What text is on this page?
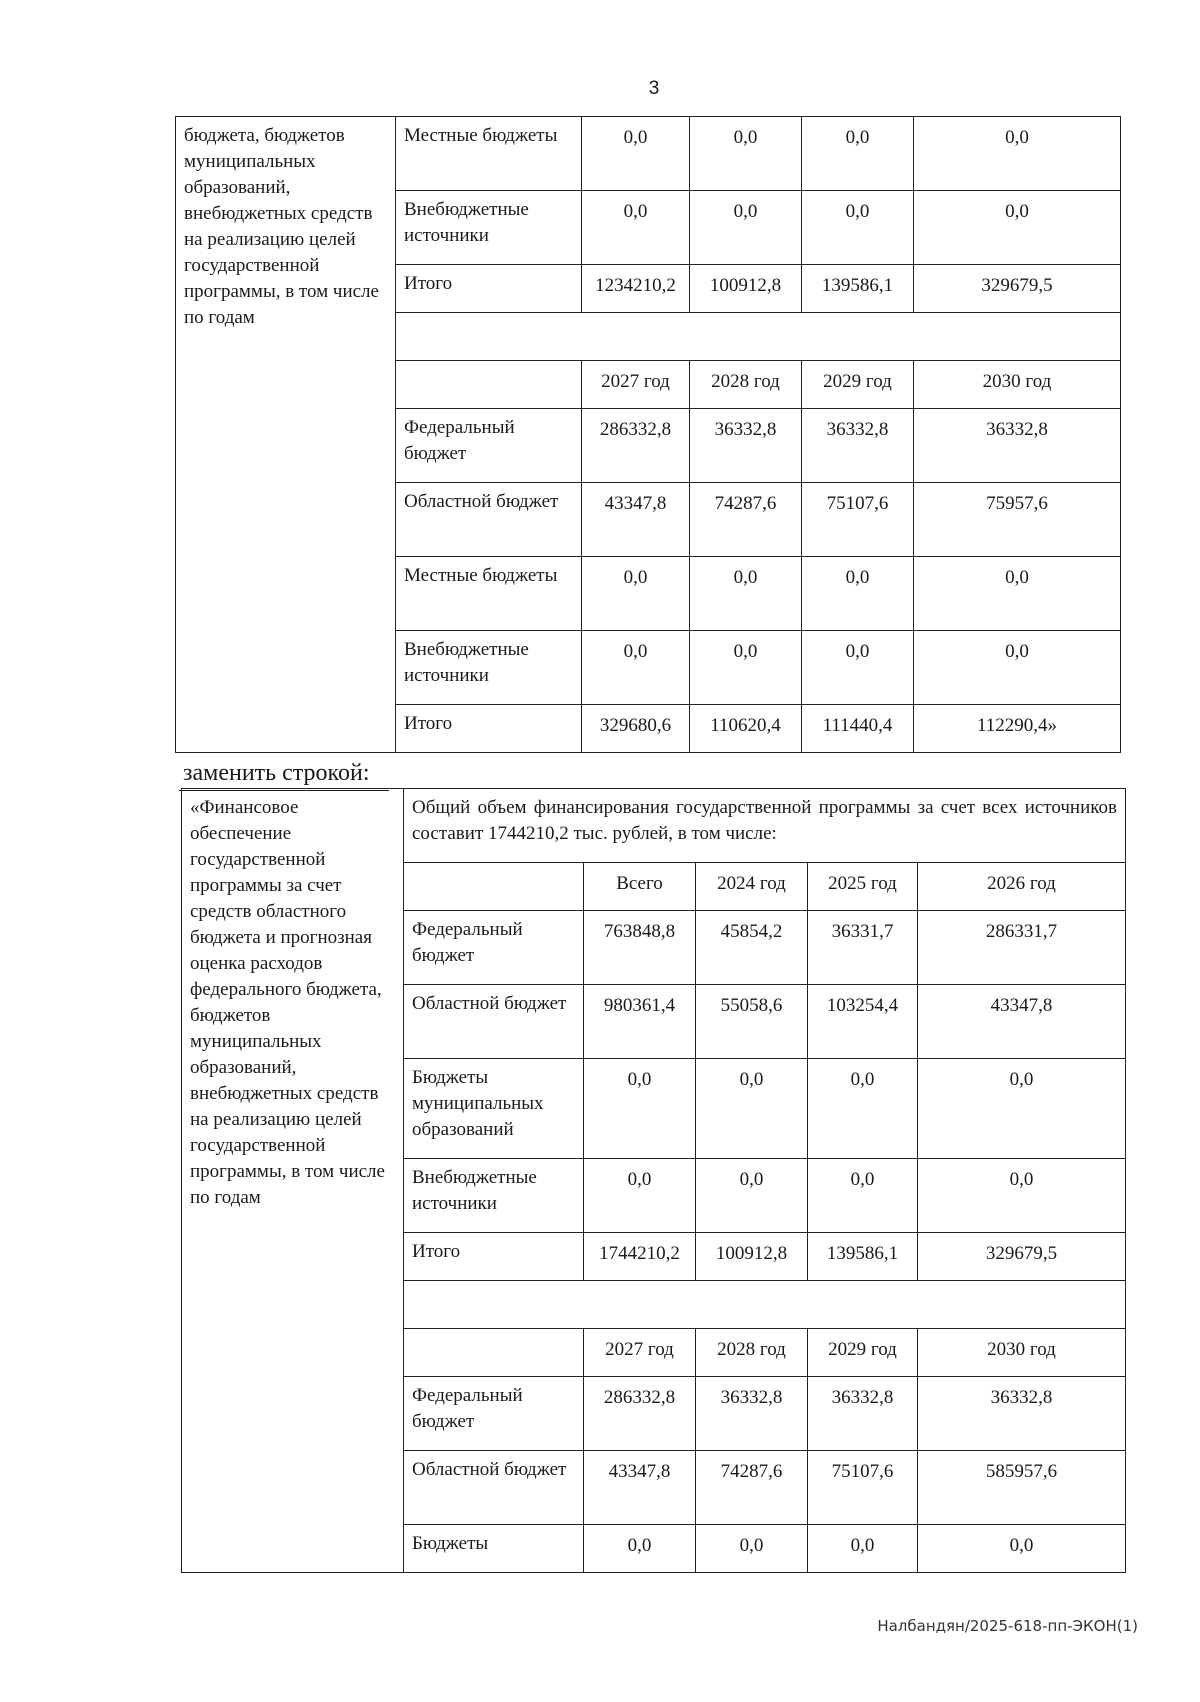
3
бюджета, бюджетов муниципальных образований, внебюджетных средств на реализацию целей государственной программы, в том числе по годам	Местные бюджеты	0,0	0,0	0,0	0,0
	Внебюджетные источники	0,0	0,0	0,0	0,0
	Итого	1234210,2	100912,8	139586,1	329679,5

		2027 год	2028 год	2029 год	2030 год
	Федеральный бюджет	286332,8	36332,8	36332,8	36332,8
	Областной бюджет	43347,8	74287,6	75107,6	75957,6
	Местные бюджеты	0,0	0,0	0,0	0,0
	Внебюджетные источники	0,0	0,0	0,0	0,0
	Итого	329680,6	110620,4	111440,4	112290,4»
заменить строкой:
«Финансовое обеспечение государственной программы за счет средств областного бюджета и прогнозная оценка расходов федерального бюджета, бюджетов муниципальных образований, внебюджетных средств на реализацию целей государственной программы, в том числе по годам	Общий объем финансирования государственной программы за счет всех источников составит 1744210,2 тыс. рублей, в том числе:				
		Всего	2024 год	2025 год	2026 год
	Федеральный бюджет	763848,8	45854,2	36331,7	286331,7
	Областной бюджет	980361,4	55058,6	103254,4	43347,8
	Бюджеты муниципальных образований	0,0	0,0	0,0	0,0
	Внебюджетные источники	0,0	0,0	0,0	0,0
	Итого	1744210,2	100912,8	139586,1	329679,5

		2027 год	2028 год	2029 год	2030 год
	Федеральный бюджет	286332,8	36332,8	36332,8	36332,8
	Областной бюджет	43347,8	74287,6	75107,6	585957,6
	Бюджеты	0,0	0,0	0,0	0,0
Налбандян/2025-618-пп-ЭКОН(1)
